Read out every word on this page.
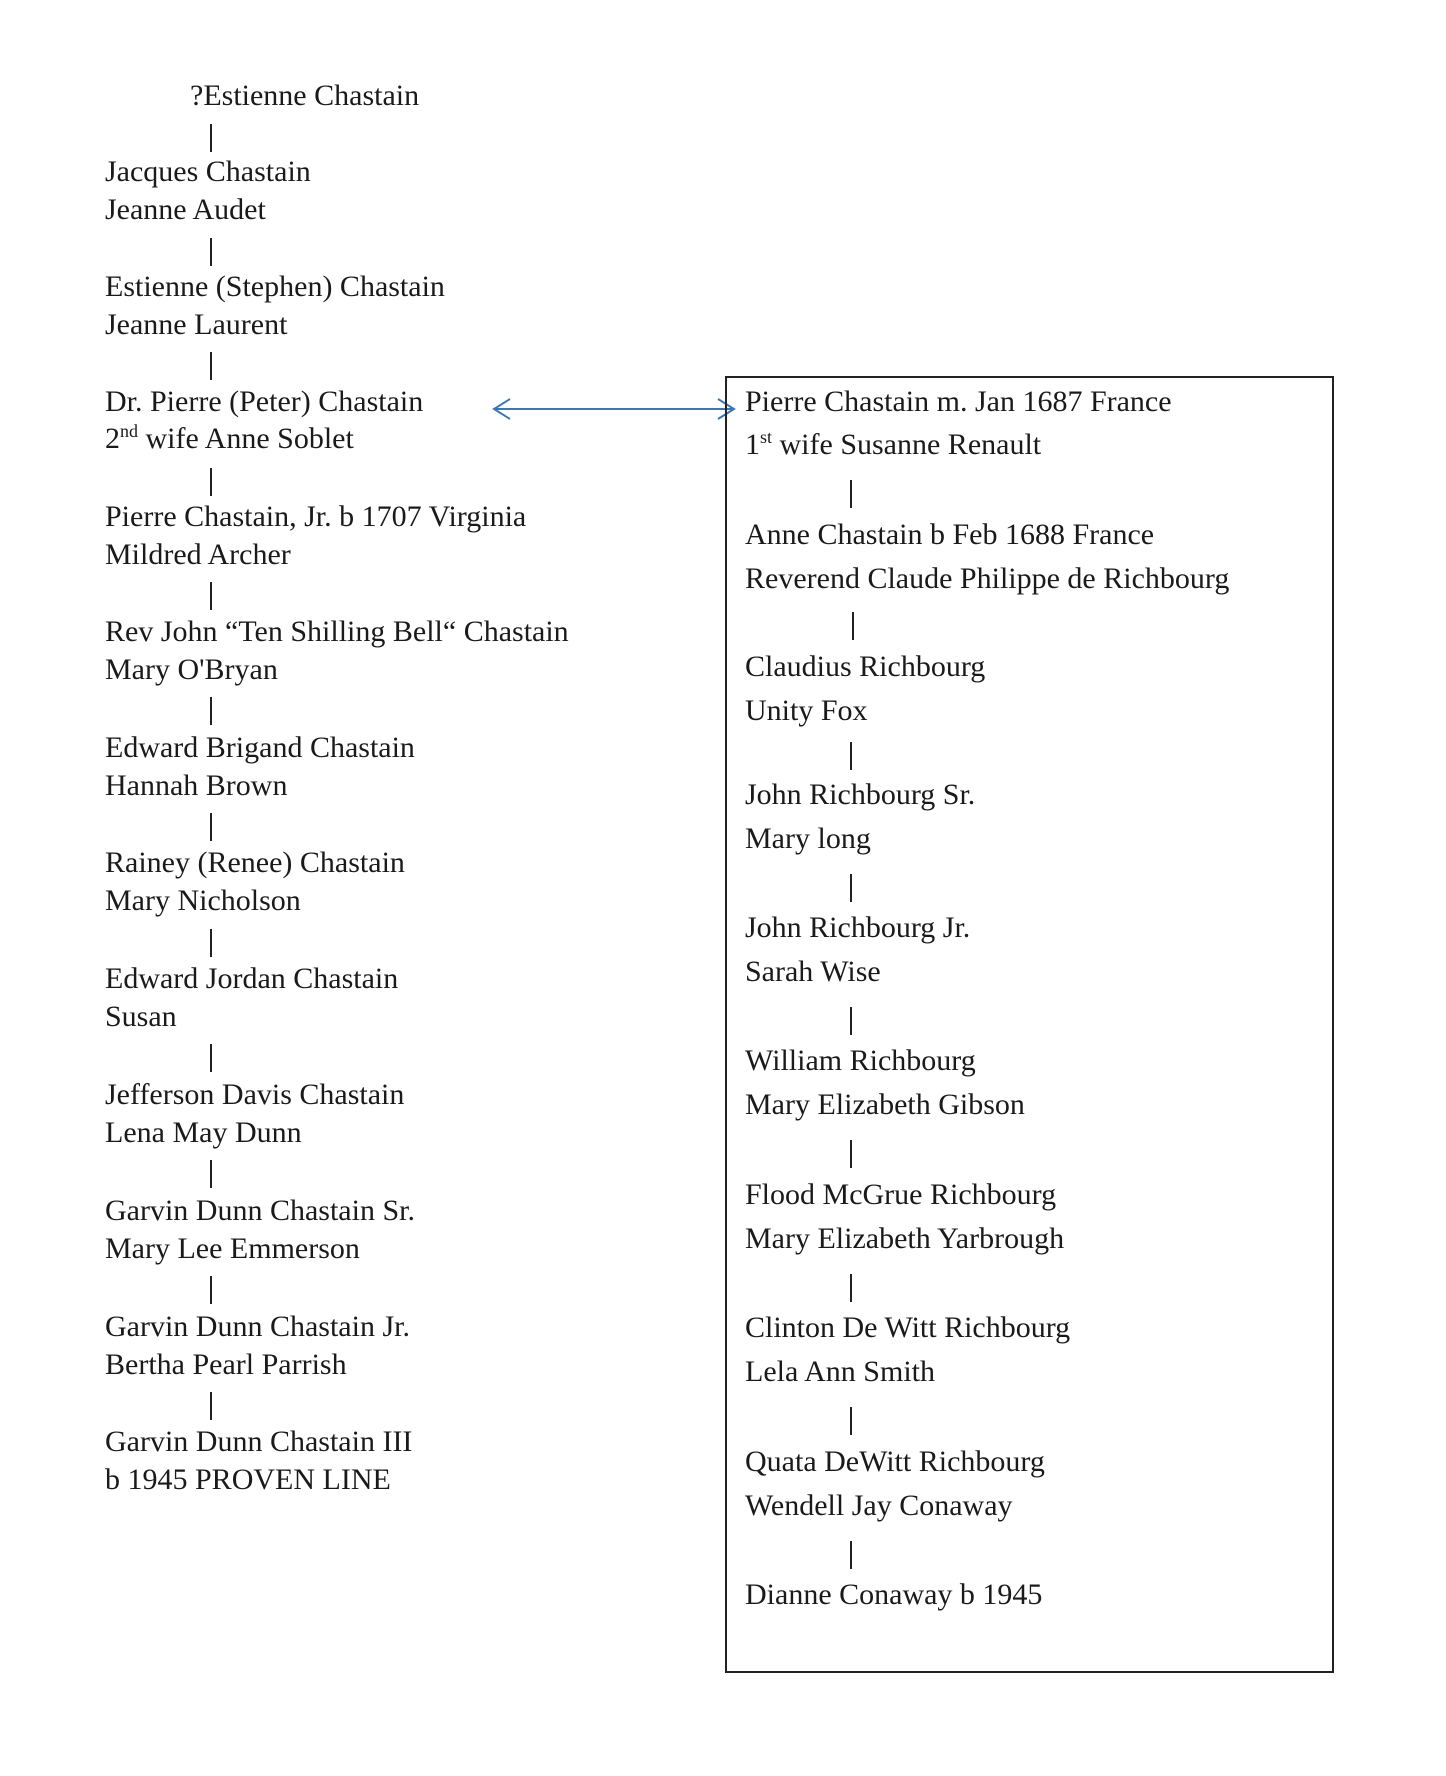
?Estienne Chastain
Jacques Chastain
Jeanne Audet
Estienne (Stephen) Chastain
Jeanne Laurent
Dr. Pierre (Peter) Chastain
2nd wife Anne Soblet
Pierre Chastain, Jr. b 1707 Virginia
Mildred Archer
Rev John “Ten Shilling Bell“ Chastain
Mary O'Bryan
Edward Brigand Chastain
Hannah Brown
Rainey (Renee) Chastain
Mary Nicholson
Edward Jordan Chastain
Susan
Jefferson Davis Chastain
Lena May Dunn
Garvin Dunn Chastain Sr.
Mary Lee Emmerson
Garvin Dunn Chastain Jr.
Bertha Pearl Parrish
Garvin Dunn Chastain III
b 1945 PROVEN LINE
Pierre Chastain m. Jan 1687 France
1st wife Susanne Renault
Anne Chastain b Feb 1688 France
Reverend Claude Philippe de Richbourg
Claudius Richbourg
Unity Fox
John Richbourg Sr.
Mary long
John Richbourg Jr.
Sarah Wise
William Richbourg
Mary Elizabeth Gibson
Flood McGrue Richbourg
Mary Elizabeth Yarbrough
Clinton De Witt Richbourg
Lela Ann Smith
Quata DeWitt Richbourg
Wendell Jay Conaway
Dianne Conaway b 1945
